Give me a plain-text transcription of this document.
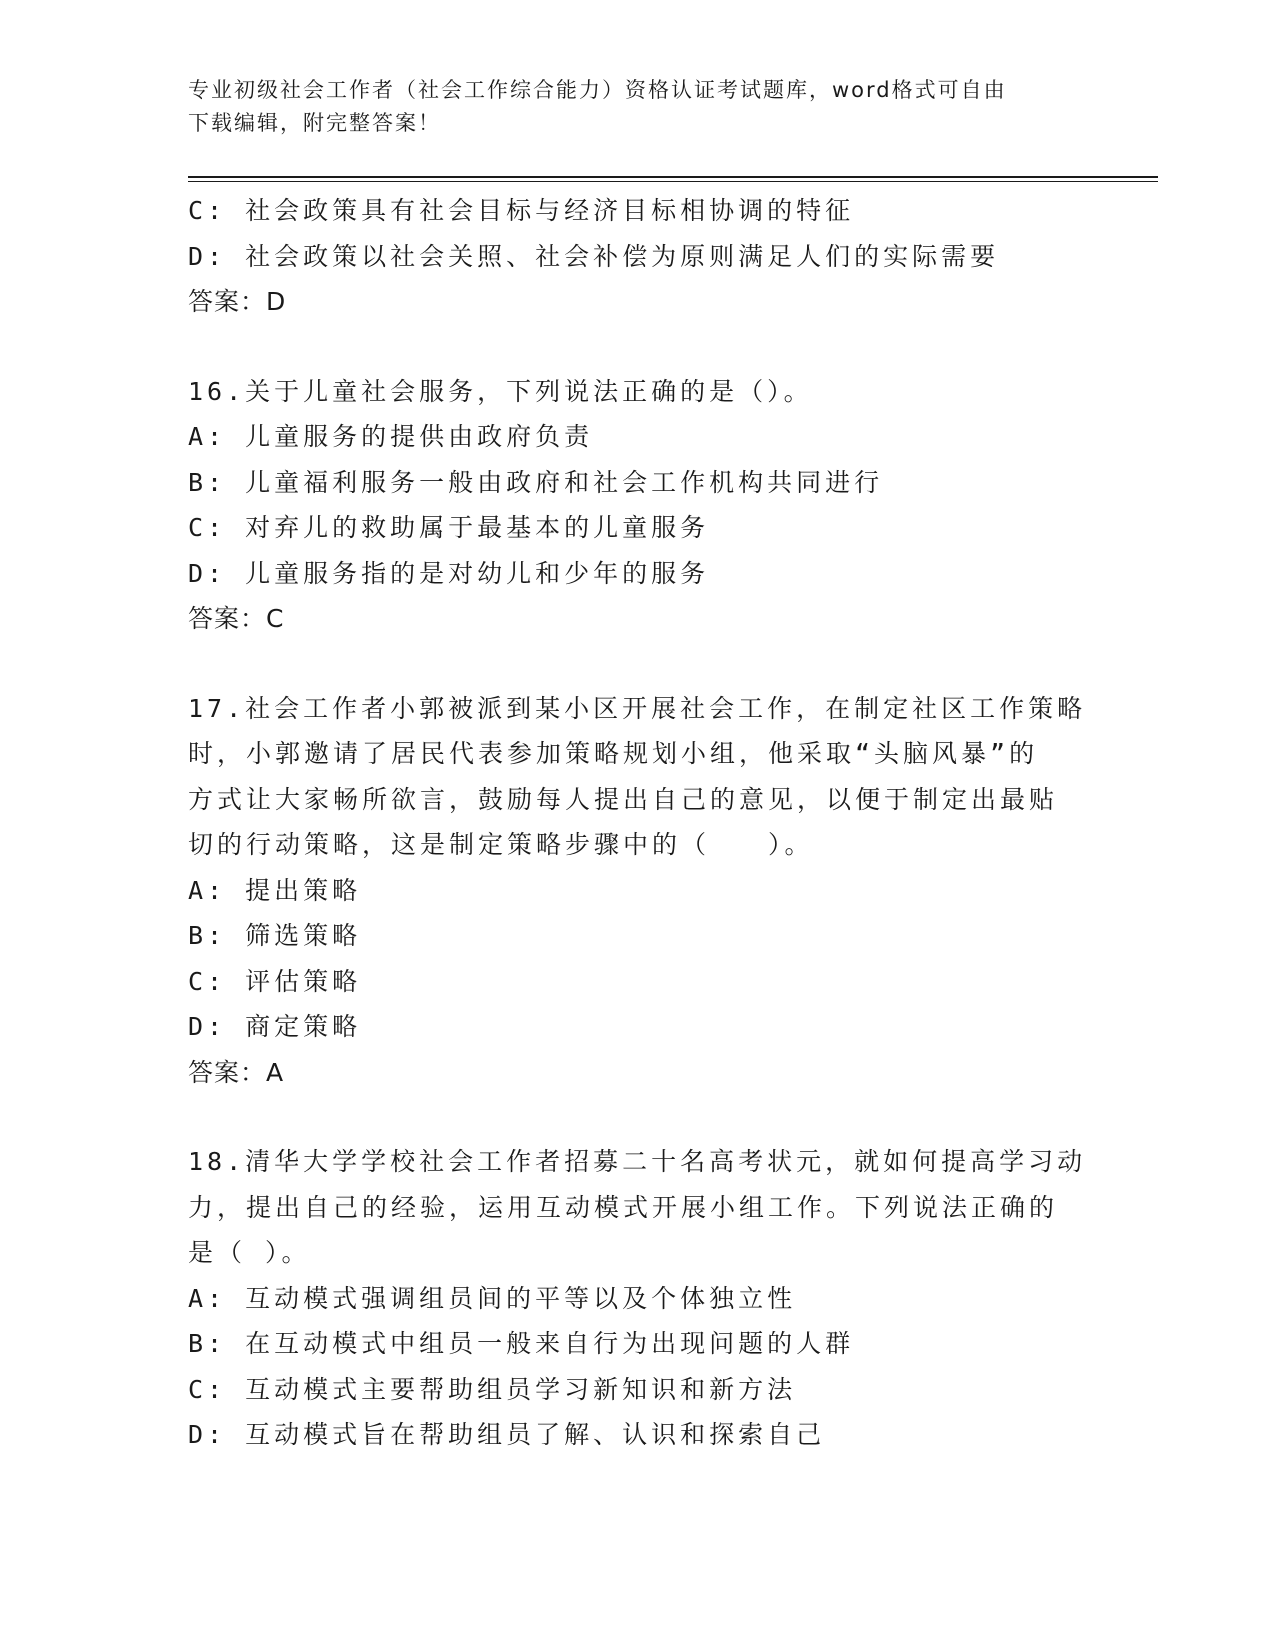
专业初级社会工作者（社会工作综合能力）资格认证考试题库，word格式可自由
下载编辑，附完整答案！
C: 社会政策具有社会目标与经济目标相协调的特征
D: 社会政策以社会关照、社会补偿为原则满足人们的实际需要
答案：D
16.关于儿童社会服务，下列说法正确的是（）。
A: 儿童服务的提供由政府负责
B: 儿童福利服务一般由政府和社会工作机构共同进行
C: 对弃儿的救助属于最基本的儿童服务
D: 儿童服务指的是对幼儿和少年的服务
答案：C
17.社会工作者小郭被派到某小区开展社会工作，在制定社区工作策略
时，小郭邀请了居民代表参加策略规划小组，他采取“头脑风暴”的
方式让大家畅所欲言，鼓励每人提出自己的意见，以便于制定出最贴
切的行动策略，这是制定策略步骤中的（　　）。
A: 提出策略
B: 筛选策略
C: 评估策略
D: 商定策略
答案：A
18.清华大学学校社会工作者招募二十名高考状元，就如何提高学习动
力，提出自己的经验，运用互动模式开展小组工作。下列说法正确的
是（ ）。
A: 互动模式强调组员间的平等以及个体独立性
B: 在互动模式中组员一般来自行为出现问题的人群
C: 互动模式主要帮助组员学习新知识和新方法
D: 互动模式旨在帮助组员了解、认识和探索自己
